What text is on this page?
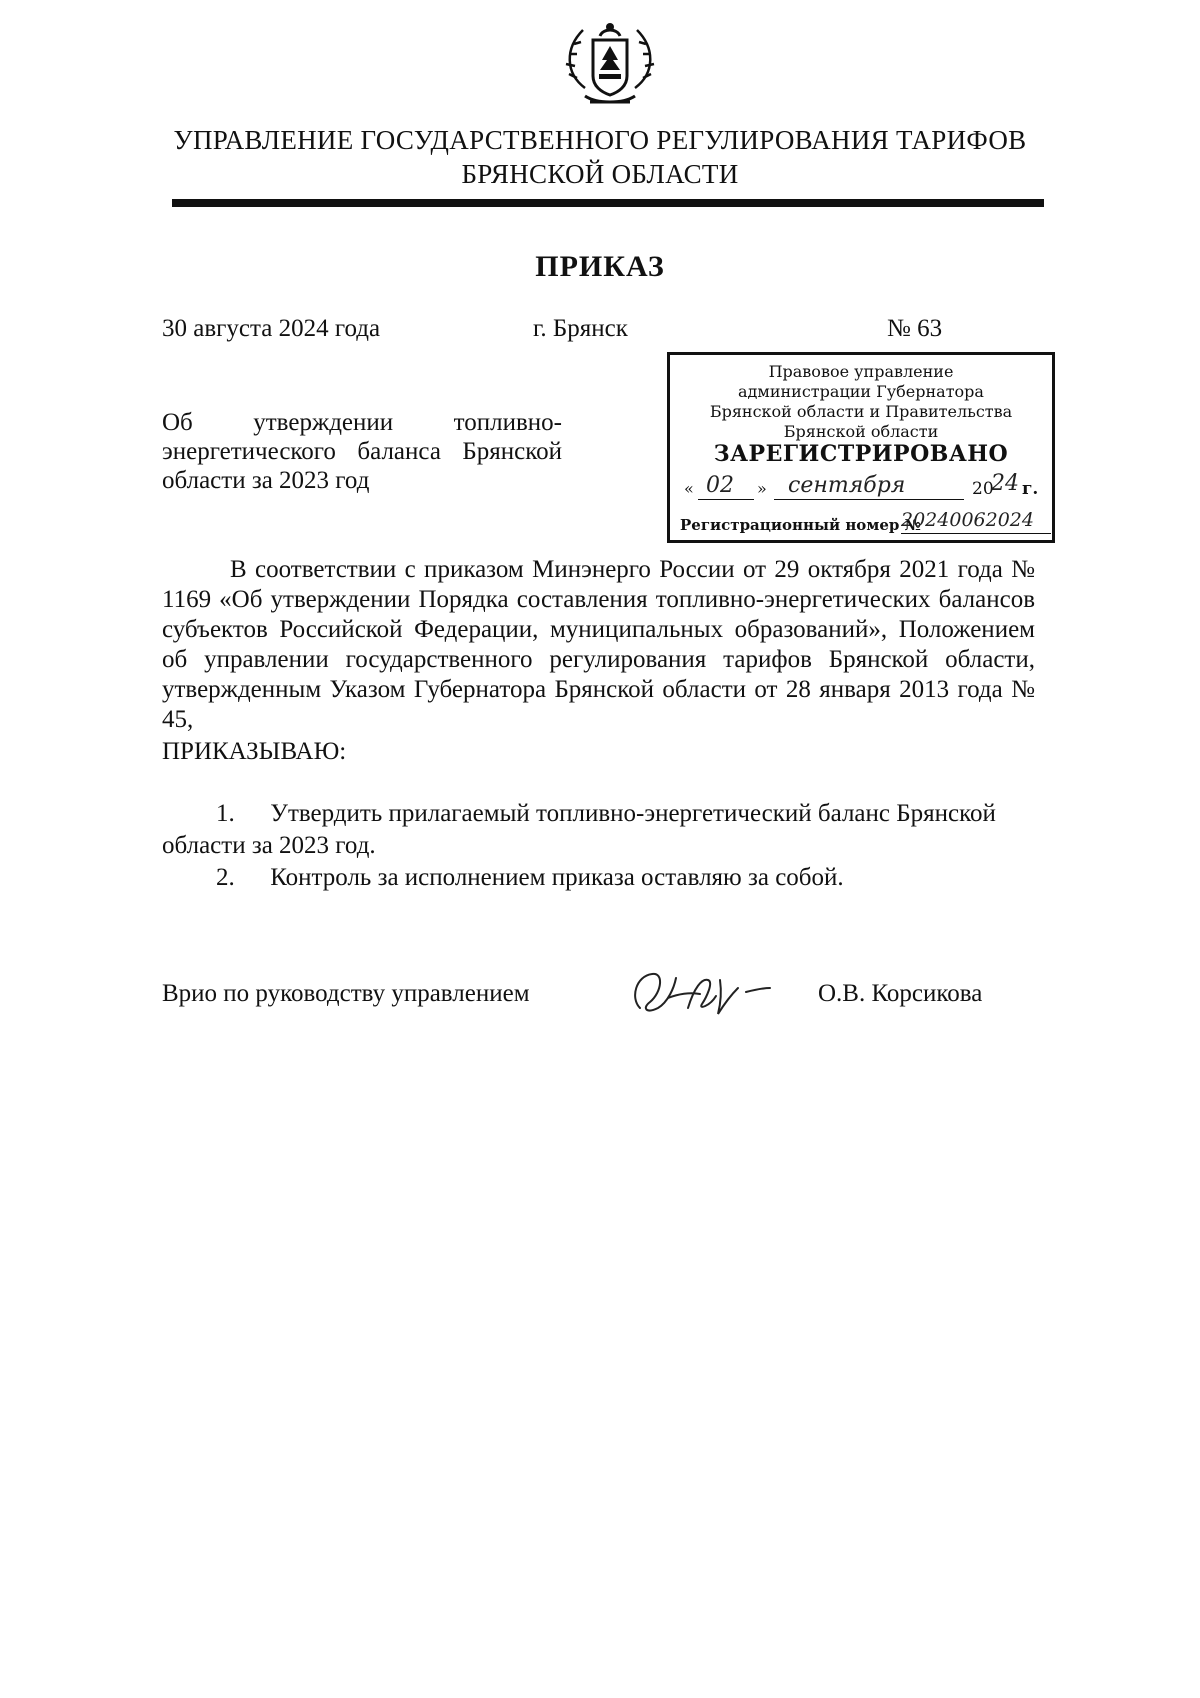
УПРАВЛЕНИЕ ГОСУДАРСТВЕННОГО РЕГУЛИРОВАНИЯ ТАРИФОВ
БРЯНСКОЙ ОБЛАСТИ
ПРИКАЗ
30 августа 2024 года	г. Брянск	№ 63
Правовое управление
администрации Губернатора
Брянской области и Правительства
Брянской области
ЗАРЕГИСТРИРОВАНО
« 02 » сентября	20
24 г.
Регистрационный номер №
20240062024
Об утверждении топливно-
энергетического баланса Брянской области за 2023 год

В соответствии с приказом Минэнерго России от 29 октября 2021 года № 1169 «Об утверждении Порядка составления топливно-энергетических балансов субъектов Российской Федерации, муниципальных образований», Положением об управлении государственного регулирования тарифов Брянской области, утвержденным Указом Губернатора Брянской области от 28 января 2013 года № 45,

ПРИКАЗЫВАЮ:
1. Утвердить прилагаемый топливно-энергетический баланс Брянской
области за 2023 год.
2. Контроль за исполнением приказа оставляю за собой.
Врио по руководству управлением	О.В. Корсикова
